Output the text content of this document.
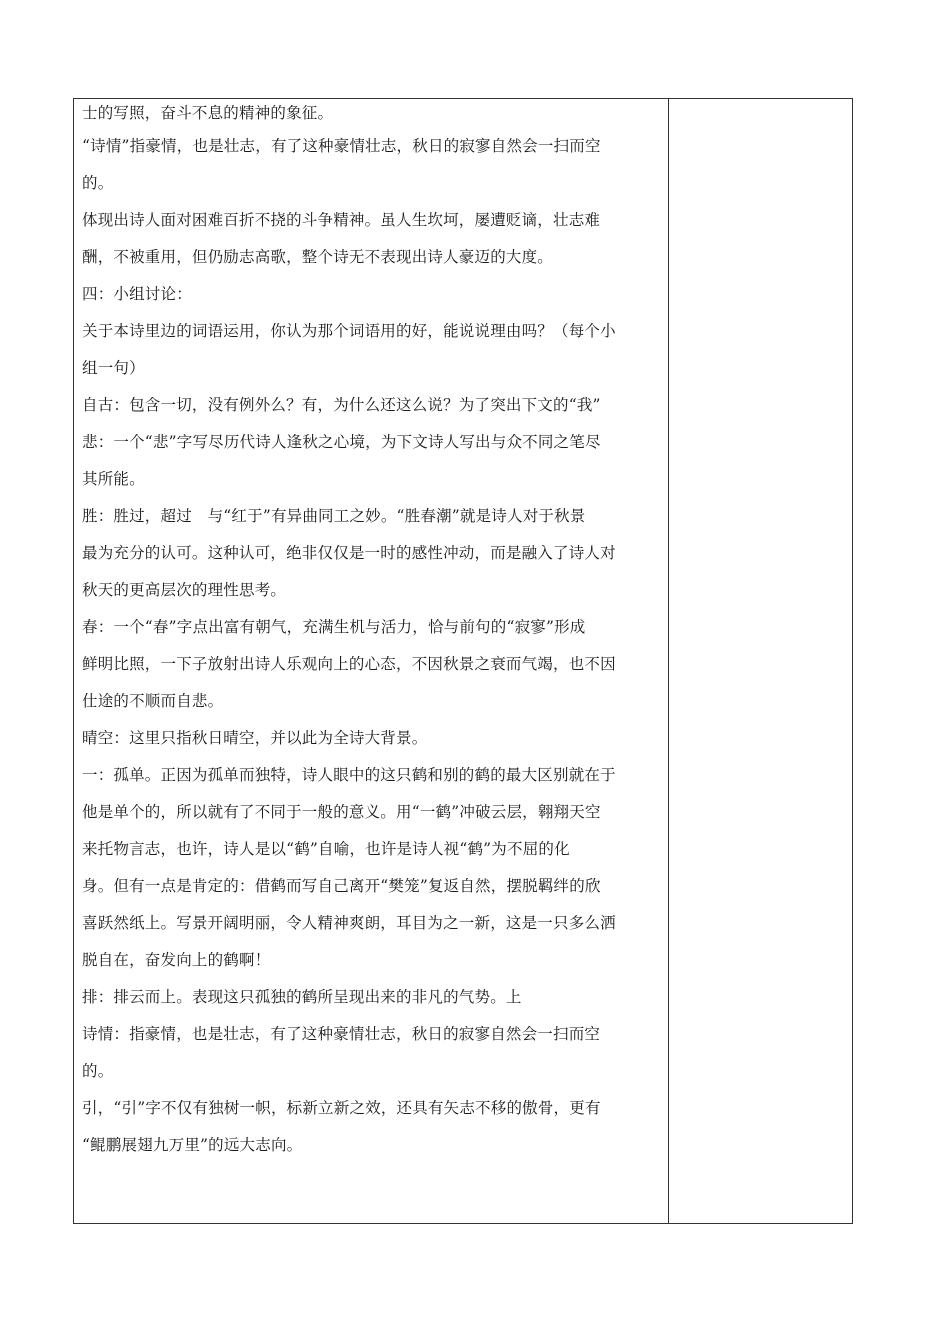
士的写照，奋斗不息的精神的象征。
“诗情”指豪情，也是壮志，有了这种豪情壮志，秋日的寂寥自然会一扫而空
的。
体现出诗人面对困难百折不挠的斗争精神。虽人生坎坷，屡遭贬谪，壮志难
酬，不被重用，但仍励志高歌，整个诗无不表现出诗人豪迈的大度。
四：小组讨论：
关于本诗里边的词语运用，你认为那个词语用的好，能说说理由吗？（每个小
组一句）
自古：包含一切，没有例外么？有，为什么还这么说？为了突出下文的“我”
悲：一个“悲”字写尽历代诗人逢秋之心境，为下文诗人写出与众不同之笔尽
其所能。
胜：胜过，超过　与“红于”有异曲同工之妙。“胜春潮”就是诗人对于秋景
最为充分的认可。这种认可，绝非仅仅是一时的感性冲动，而是融入了诗人对
秋天的更高层次的理性思考。
春：一个“春”字点出富有朝气，充满生机与活力，恰与前句的“寂寥”形成
鲜明比照，一下子放射出诗人乐观向上的心态，不因秋景之衰而气竭，也不因
仕途的不顺而自悲。
晴空：这里只指秋日晴空，并以此为全诗大背景。
一：孤单。正因为孤单而独特，诗人眼中的这只鹤和别的鹤的最大区别就在于
他是单个的，所以就有了不同于一般的意义。用“一鹤”冲破云层，翱翔天空
来托物言志，也许，诗人是以“鹤”自喻，也许是诗人视“鹤”为不屈的化
身。但有一点是肯定的：借鹤而写自己离开“樊笼”复返自然，摆脱羁绊的欣
喜跃然纸上。写景开阔明丽，令人精神爽朗，耳目为之一新，这是一只多么洒
脱自在，奋发向上的鹤啊！
排：排云而上。表现这只孤独的鹤所呈现出来的非凡的气势。上
诗情：指豪情，也是壮志，有了这种豪情壮志，秋日的寂寥自然会一扫而空
的。
引，“引”字不仅有独树一帜，标新立新之效，还具有矢志不移的傲骨，更有
“鲲鹏展翅九万里”的远大志向。
